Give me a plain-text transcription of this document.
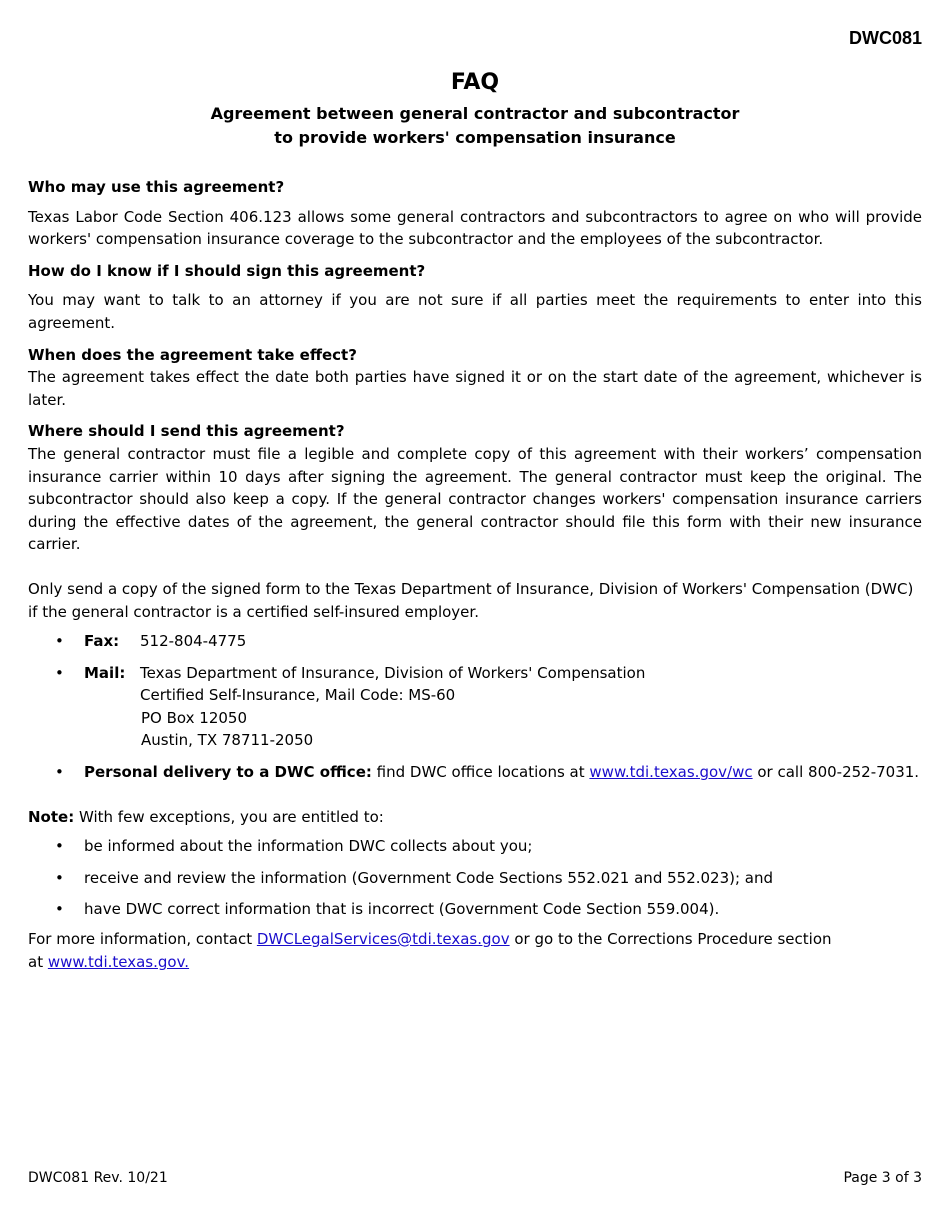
DWC081
FAQ
Agreement between general contractor and subcontractor
to provide workers' compensation insurance
Who may use this agreement?

Texas Labor Code Section 406.123 allows some general contractors and subcontractors to agree on who will provide workers' compensation insurance coverage to the subcontractor and the employees of the subcontractor.

How do I know if I should sign this agreement?

You may want to talk to an attorney if you are not sure if all parties meet the requirements to enter into this agreement.

When does the agreement take effect?

The agreement takes effect the date both parties have signed it or on the start date of the agreement, whichever is later.

Where should I send this agreement?

The general contractor must file a legible and complete copy of this agreement with their workers’ compensation insurance carrier within 10 days after signing the agreement. The general contractor must keep the original. The subcontractor should also keep a copy. If the general contractor changes workers' compensation insurance carriers during the effective dates of the agreement, the general contractor should file this form with their new insurance carrier.

Only send a copy of the signed form to the Texas Department of Insurance, Division of Workers' Compensation (DWC) if the general contractor is a certified self-insured employer.

• Fax:	512-804-4775
• Mail: Texas Department of Insurance, Division of Workers' Compensation
Certified Self-Insurance, Mail Code: MS-60
PO Box 12050
Austin, TX 78711-2050
• Personal delivery to a DWC office: find DWC office locations at www.tdi.texas.gov/wc or call 800-252-7031.

Note: With few exceptions, you are entitled to:

• be informed about the information DWC collects about you;
• receive and review the information (Government Code Sections 552.021 and 552.023); and
• have DWC correct information that is incorrect (Government Code Section 559.004).

For more information, contact DWCLegalServices@tdi.texas.gov or go to the Corrections Procedure section
at www.tdi.texas.gov.

DWC081 Rev. 10/21	Page 3 of 3
